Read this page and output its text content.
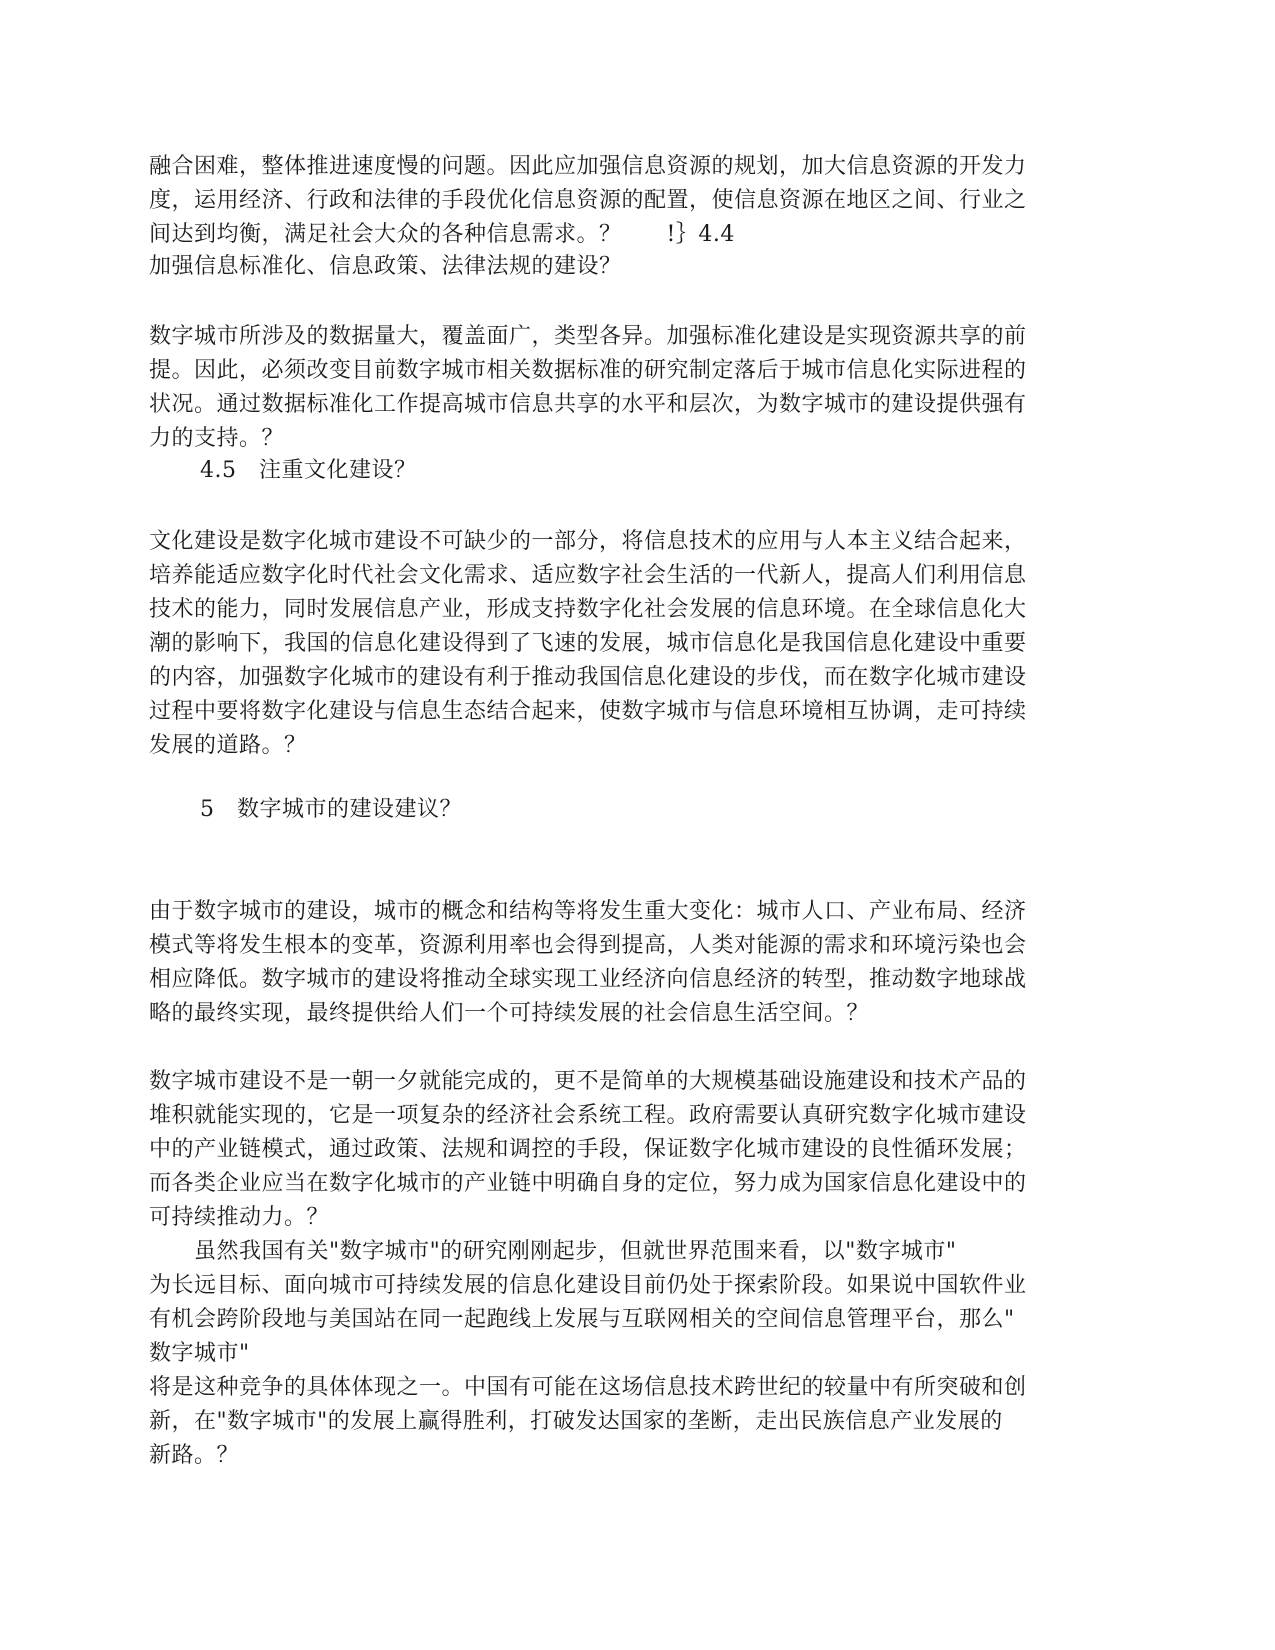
融合困难，整体推进速度慢的问题。因此应加强信息资源的规划，加大信息资源的开发力
度，运用经济、行政和法律的手段优化信息资源的配置，使信息资源在地区之间、行业之
间达到均衡，满足社会大众的各种信息需求。？　　!｝4.4

加强信息标准化、信息政策、法律法规的建设？

数字城市所涉及的数据量大，覆盖面广，类型各异。加强标准化建设是实现资源共享的前
提。因此，必须改变目前数字城市相关数据标准的研究制定落后于城市信息化实际进程的
状况。通过数据标准化工作提高城市信息共享的水平和层次，为数字城市的建设提供强有
力的支持。？

4.5　注重文化建设？

文化建设是数字化城市建设不可缺少的一部分，将信息技术的应用与人本主义结合起来，
培养能适应数字化时代社会文化需求、适应数字社会生活的一代新人，提高人们利用信息
技术的能力，同时发展信息产业，形成支持数字化社会发展的信息环境。在全球信息化大
潮的影响下，我国的信息化建设得到了飞速的发展，城市信息化是我国信息化建设中重要
的内容，加强数字化城市的建设有利于推动我国信息化建设的步伐，而在数字化城市建设
过程中要将数字化建设与信息生态结合起来，使数字城市与信息环境相互协调，走可持续
发展的道路。？

5　数字城市的建设建议？

由于数字城市的建设，城市的概念和结构等将发生重大变化：城市人口、产业布局、经济
模式等将发生根本的变革，资源利用率也会得到提高，人类对能源的需求和环境污染也会
相应降低。数字城市的建设将推动全球实现工业经济向信息经济的转型，推动数字地球战
略的最终实现，最终提供给人们一个可持续发展的社会信息生活空间。？

数字城市建设不是一朝一夕就能完成的，更不是简单的大规模基础设施建设和技术产品的
堆积就能实现的，它是一项复杂的经济社会系统工程。政府需要认真研究数字化城市建设
中的产业链模式，通过政策、法规和调控的手段，保证数字化城市建设的良性循环发展；
而各类企业应当在数字化城市的产业链中明确自身的定位，努力成为国家信息化建设中的
可持续推动力。？

　　虽然我国有关"数字城市"的研究刚刚起步，但就世界范围来看，以"数字城市"
为长远目标、面向城市可持续发展的信息化建设目前仍处于探索阶段。如果说中国软件业
有机会跨阶段地与美国站在同一起跑线上发展与互联网相关的空间信息管理平台，那么"
数字城市"
将是这种竞争的具体体现之一。中国有可能在这场信息技术跨世纪的较量中有所突破和创
新，在"数字城市"的发展上赢得胜利，打破发达国家的垄断，走出民族信息产业发展的
新路。？
